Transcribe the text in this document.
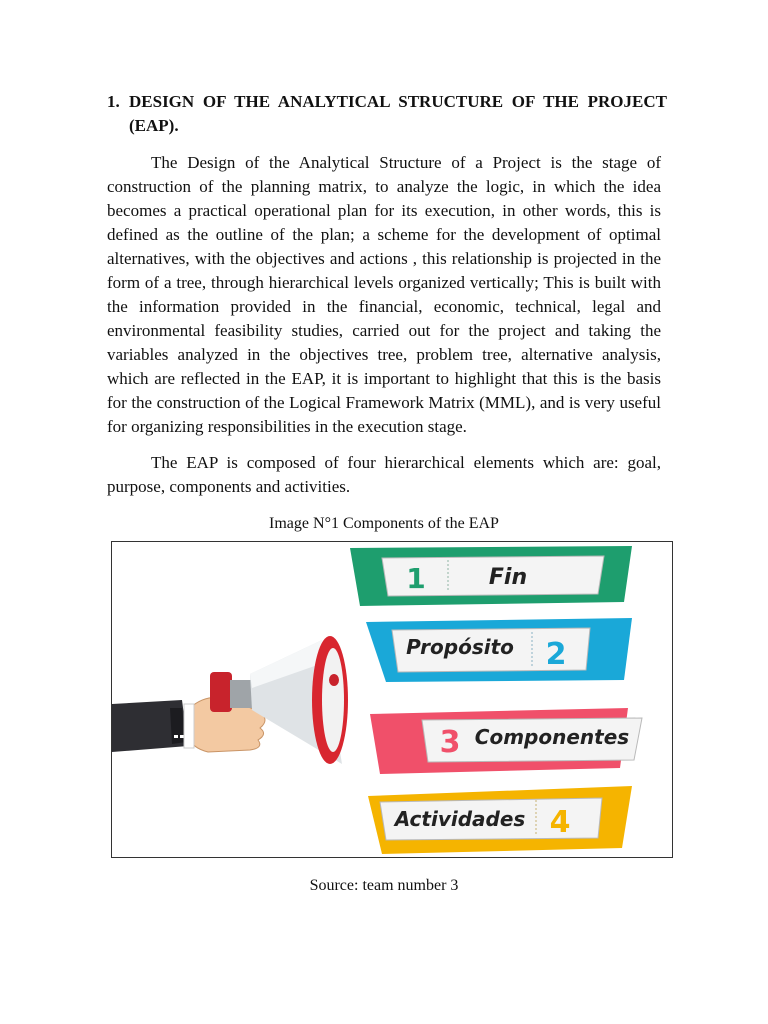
1. DESIGN OF THE ANALYTICAL STRUCTURE OF THE PROJECT (EAP).

The Design of the Analytical Structure of a Project is the stage of construction of the planning matrix, to analyze the logic, in which the idea becomes a practical operational plan for its execution, in other words, this is defined as the outline of the plan; a scheme for the development of optimal alternatives, with the objectives and actions , this relationship is projected in the form of a tree, through hierarchical levels organized vertically; This is built with the information provided in the financial, economic, technical, legal and environmental feasibility studies, carried out for the project and taking the variables analyzed in the objectives tree, problem tree, alternative analysis, which are reflected in the EAP, it is important to highlight that this is the basis for the construction of the Logical Framework Matrix (MML), and is very useful for organizing responsibilities in the execution stage.

The EAP is composed of four hierarchical elements which are: goal, purpose, components and activities.

Image N°1 Components of the EAP
1	Fin
Propósito 2
3 Componentes
Actividades 4
Source: team number 3
